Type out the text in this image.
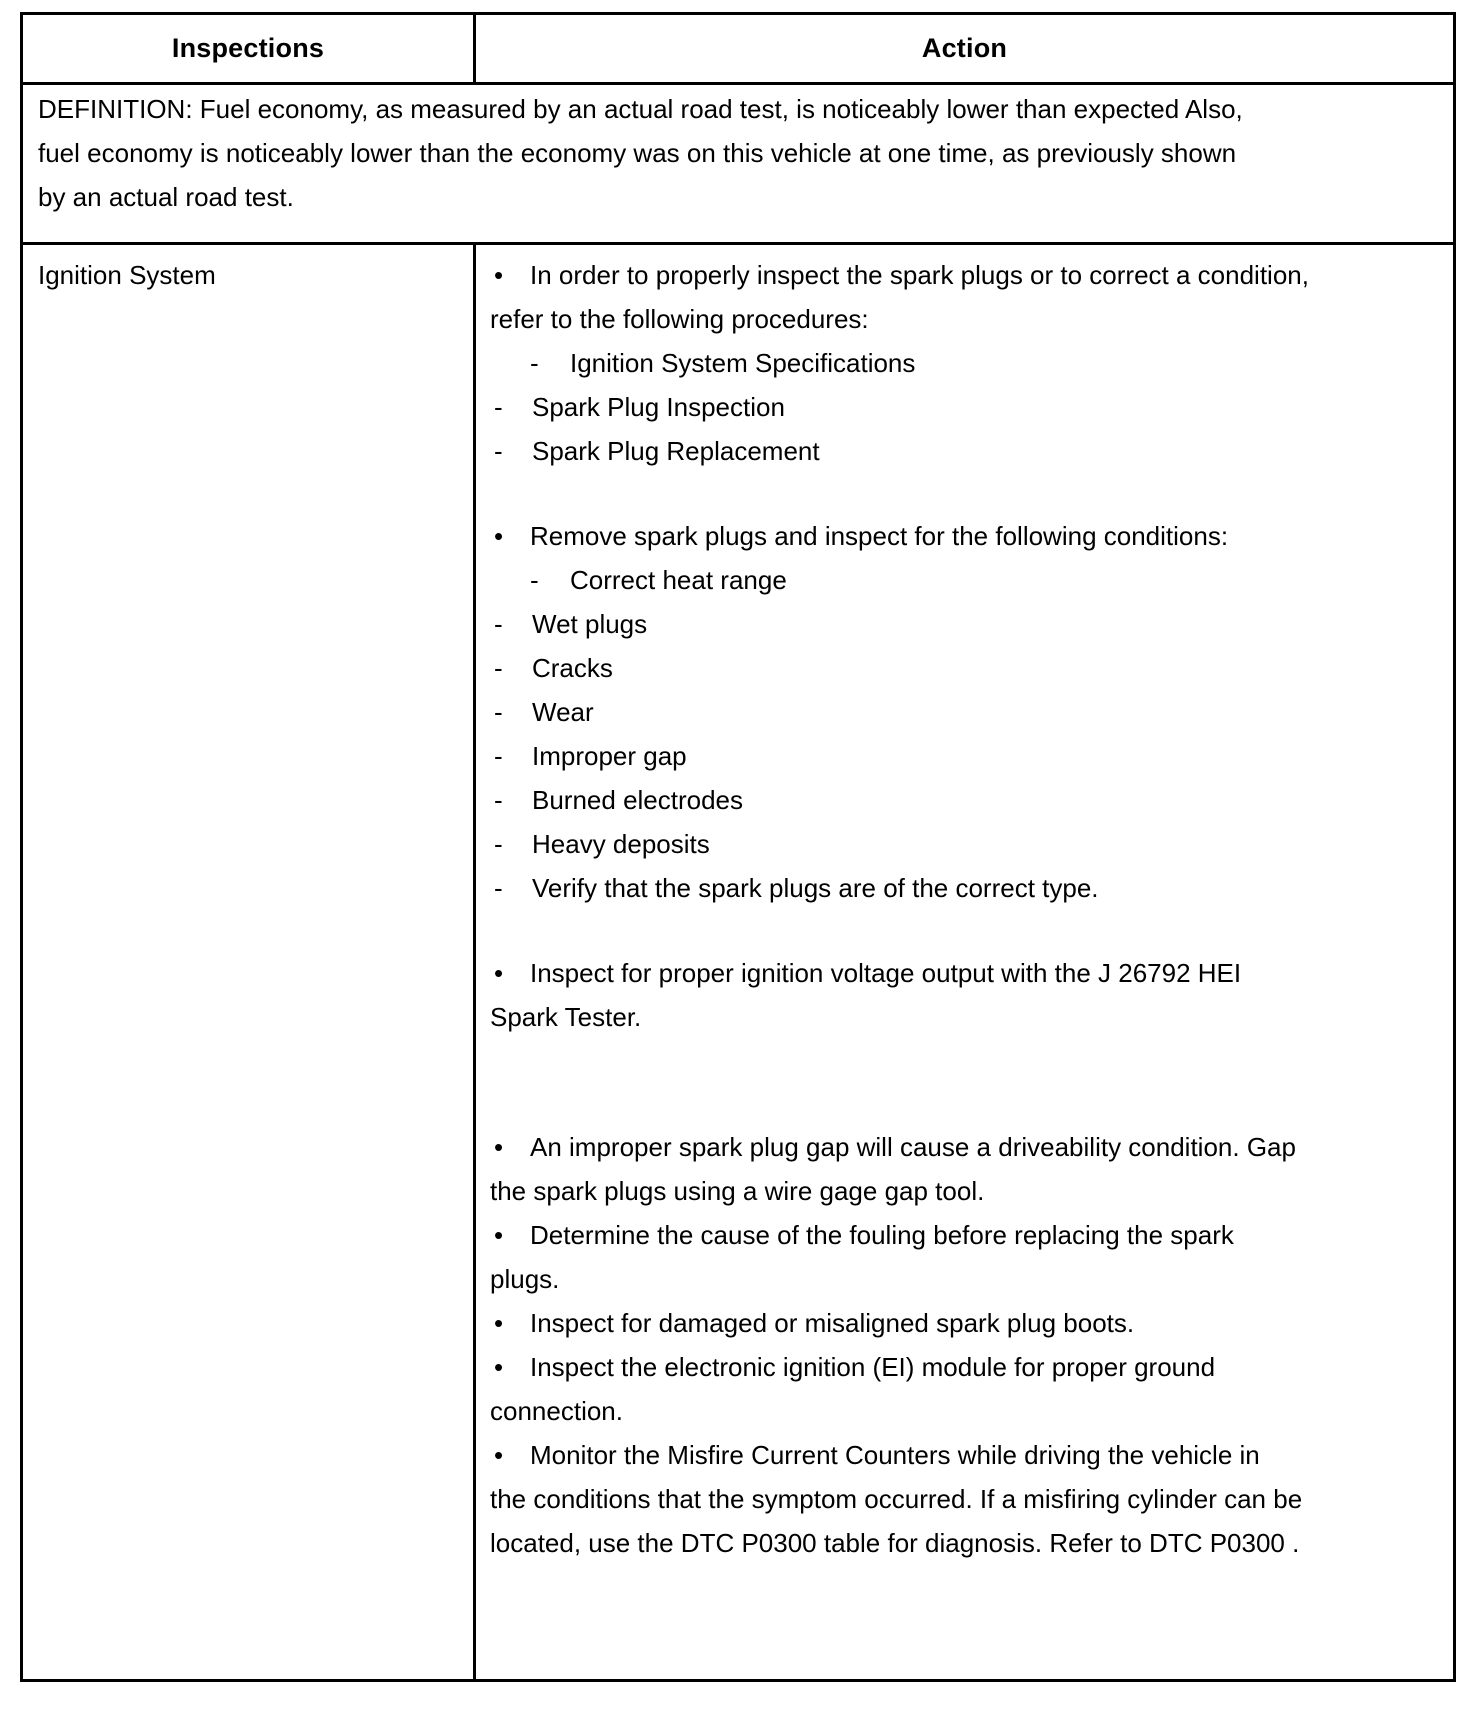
Inspections	Action
DEFINITION: Fuel economy, as measured by an actual road test, is noticeably lower than expected Also,
fuel economy is noticeably lower than the economy was on this vehicle at one time, as previously shown
by an actual road test.
Ignition System	• In order to properly inspect the spark plugs or to correct a condition,
refer to the following procedures:
- Ignition System Specifications
- Spark Plug Inspection
- Spark Plug Replacement
• Remove spark plugs and inspect for the following conditions:
- Correct heat range
- Wet plugs
- Cracks
- Wear
- Improper gap
- Burned electrodes
- Heavy deposits
- Verify that the spark plugs are of the correct type.
• Inspect for proper ignition voltage output with the J 26792 HEI
Spark Tester.
• An improper spark plug gap will cause a driveability condition. Gap
the spark plugs using a wire gage gap tool.
• Determine the cause of the fouling before replacing the spark
plugs.
• Inspect for damaged or misaligned spark plug boots.
• Inspect the electronic ignition (EI) module for proper ground
connection.
• Monitor the Misfire Current Counters while driving the vehicle in
the conditions that the symptom occurred. If a misfiring cylinder can be
located, use the DTC P0300 table for diagnosis. Refer to DTC P0300 .
